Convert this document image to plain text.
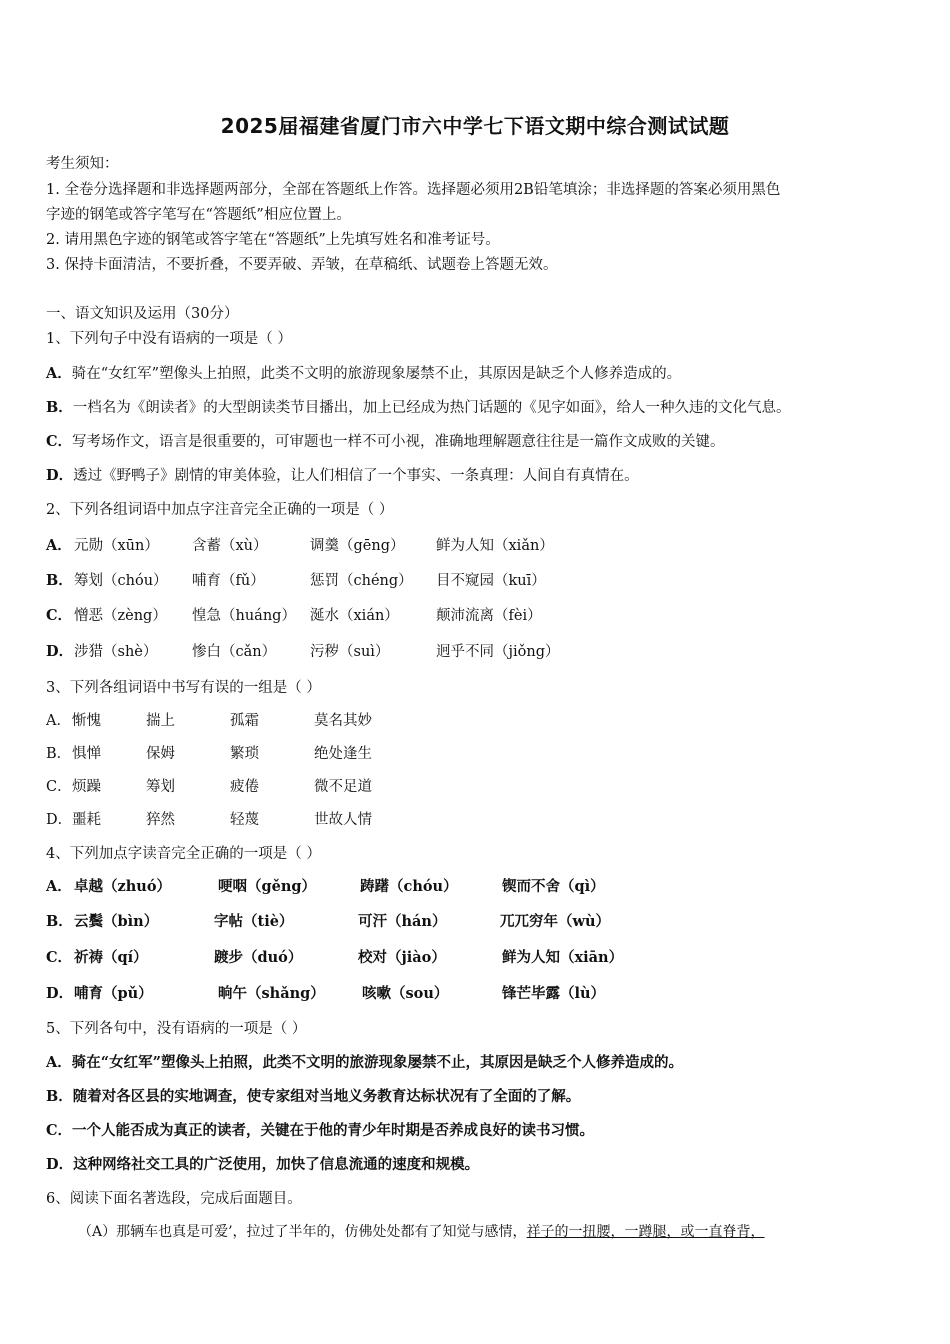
2025届福建省厦门市六中学七下语文期中综合测试试题
考生须知：
1. 全卷分选择题和非选择题两部分，全部在答题纸上作答。选择题必须用2B铅笔填涂；非选择题的答案必须用黑色
字迹的钢笔或答字笔写在“答题纸”相应位置上。
2. 请用黑色字迹的钢笔或答字笔在“答题纸”上先填写姓名和准考证号。
3. 保持卡面清洁，不要折叠，不要弄破、弄皱，在草稿纸、试题卷上答题无效。
一、语文知识及运用（30分）
1、下列句子中没有语病的一项是（ ）
A．骑在“女红军”塑像头上拍照，此类不文明的旅游现象屡禁不止，其原因是缺乏个人修养造成的。
B．一档名为《朗读者》的大型朗读类节目播出，加上已经成为热门话题的《见字如面》，给人一种久违的文化气息。
C．写考场作文，语言是很重要的，可审题也一样不可小视，准确地理解题意往往是一篇作文成败的关键。
D．透过《野鸭子》剧情的审美体验，让人们相信了一个事实、一条真理：人间自有真情在。
2、下列各组词语中加点字注音完全正确的一项是（ ）
A． 元勋（xūn） 含蓄（xù）	调羹（gēng） 鲜为人知（xiǎn）
B． 筹划（chóu） 哺育（fǔ）	惩罚（chéng） 目不窥园（kuī）
C． 憎恶（zèng） 惶急（huáng） 涎水（xián）	颠沛流离（fèi）
D． 涉猎（shè） 惨白（cǎn） 污秽（suì）	迥乎不同（jiǒng）
3、下列各组词语中书写有误的一组是（ ）
A． 惭愧	揣上	孤霜	莫名其妙
B． 惧惮	保姆	繁琐	绝处逢生
C． 烦躁	筹划	疲倦	微不足道
D． 噩耗	猝然	轻蔑	世故人情
4、下列加点字读音完全正确的一项是（ ）
A． 卓越（zhuó）	哽咽（gěng）	踌躇（chóu）	锲而不舍（qì）
B． 云鬓（bìn）	字帖（tiè）	可汗（hán）	兀兀穷年（wù）
C． 祈祷（qí）	踱步（duó）	校对（jiào）	鲜为人知（xiān）
D． 哺育（pǔ）	晌午（shǎng）	咳嗽（sou）	锋芒毕露（lù）
5、下列各句中，没有语病的一项是（ ）
A．骑在“女红军”塑像头上拍照，此类不文明的旅游现象屡禁不止，其原因是缺乏个人修养造成的。
B．随着对各区县的实地调查，使专家组对当地义务教育达标状况有了全面的了解。
C．一个人能否成为真正的读者，关键在于他的青少年时期是否养成良好的读书习惯。
D．这种网络社交工具的广泛使用，加快了信息流通的速度和规模。
6、阅读下面名著选段，完成后面题目。
（A）那辆车也真是可爱’，拉过了半年的，仿佛处处都有了知觉与感情，祥子的一扭腰，一蹲腿，或一直脊背，
